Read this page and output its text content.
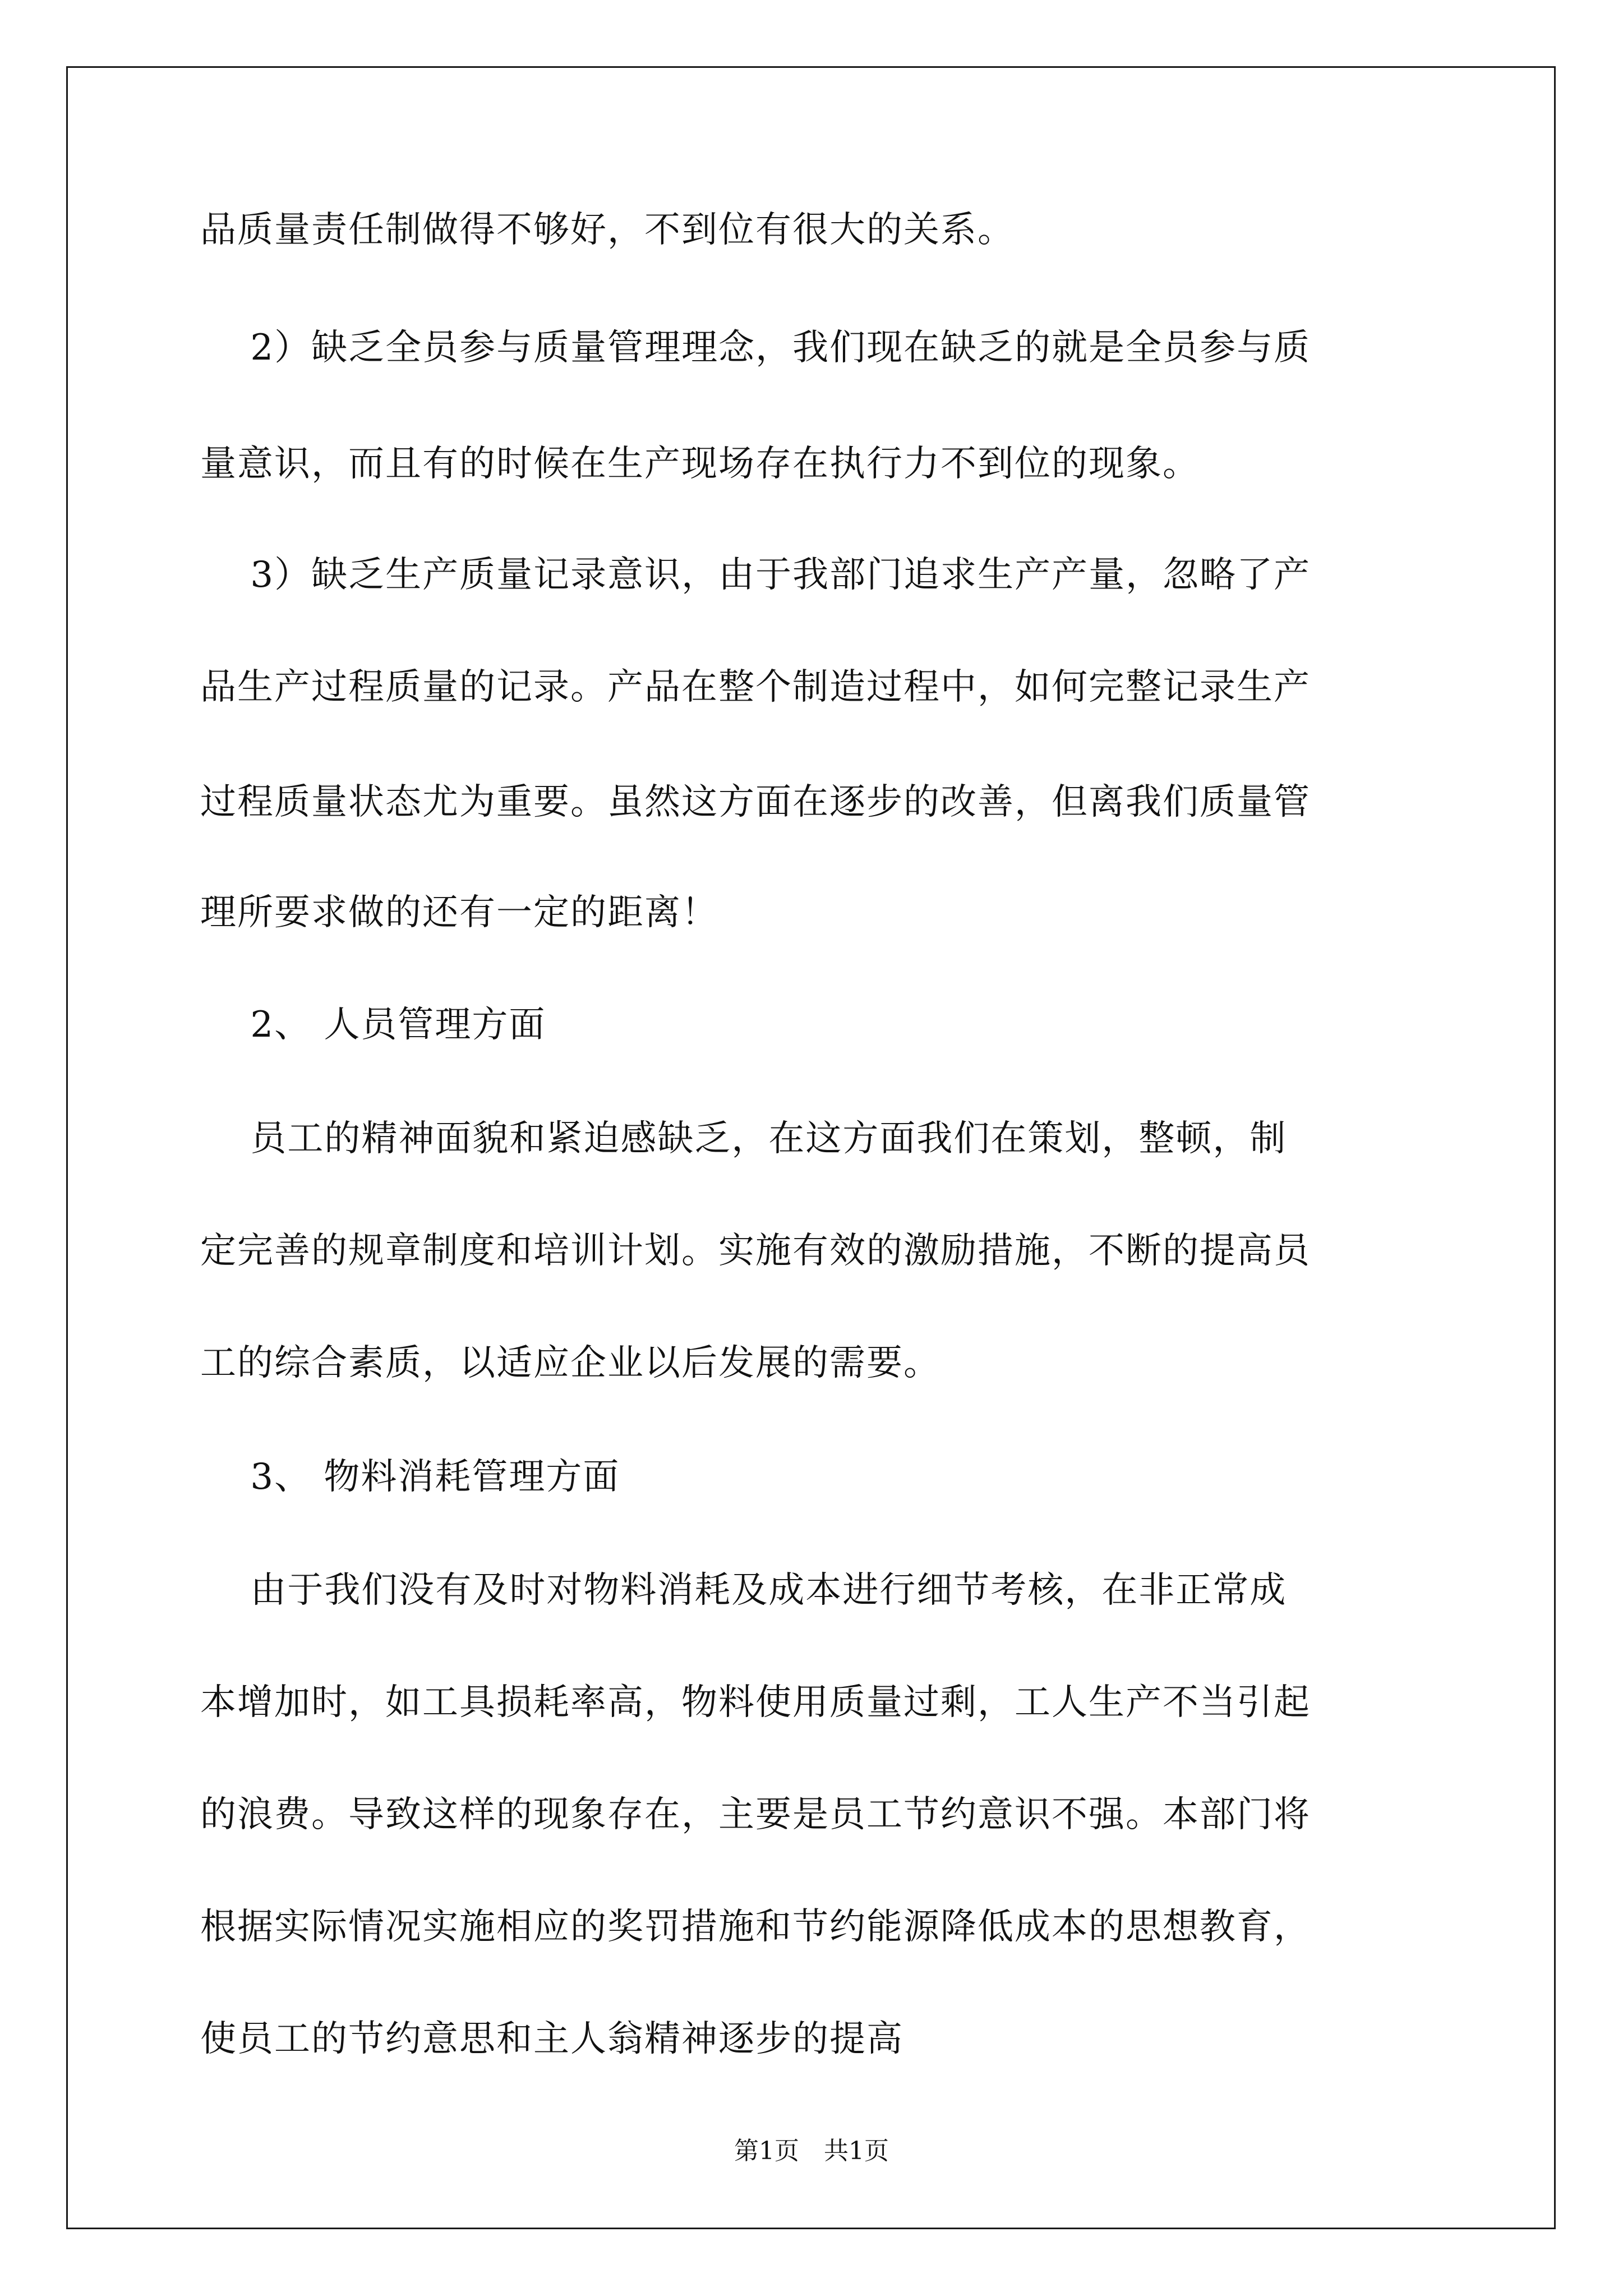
品质量责任制做得不够好，不到位有很大的关系。
2）缺乏全员参与质量管理理念，我们现在缺乏的就是全员参与质
量意识，而且有的时候在生产现场存在执行力不到位的现象。
3）缺乏生产质量记录意识，由于我部门追求生产产量，忽略了产
品生产过程质量的记录。产品在整个制造过程中，如何完整记录生产
过程质量状态尤为重要。虽然这方面在逐步的改善，但离我们质量管
理所要求做的还有一定的距离！
2、 人员管理方面
员工的精神面貌和紧迫感缺乏，在这方面我们在策划，整顿，制
定完善的规章制度和培训计划。实施有效的激励措施，不断的提高员
工的综合素质，以适应企业以后发展的需要。
3、 物料消耗管理方面
由于我们没有及时对物料消耗及成本进行细节考核，在非正常成
本增加时，如工具损耗率高，物料使用质量过剩，工人生产不当引起
的浪费。导致这样的现象存在，主要是员工节约意识不强。本部门将
根据实际情况实施相应的奖罚措施和节约能源降低成本的思想教育，
使员工的节约意思和主人翁精神逐步的提高
第1页　共1页
